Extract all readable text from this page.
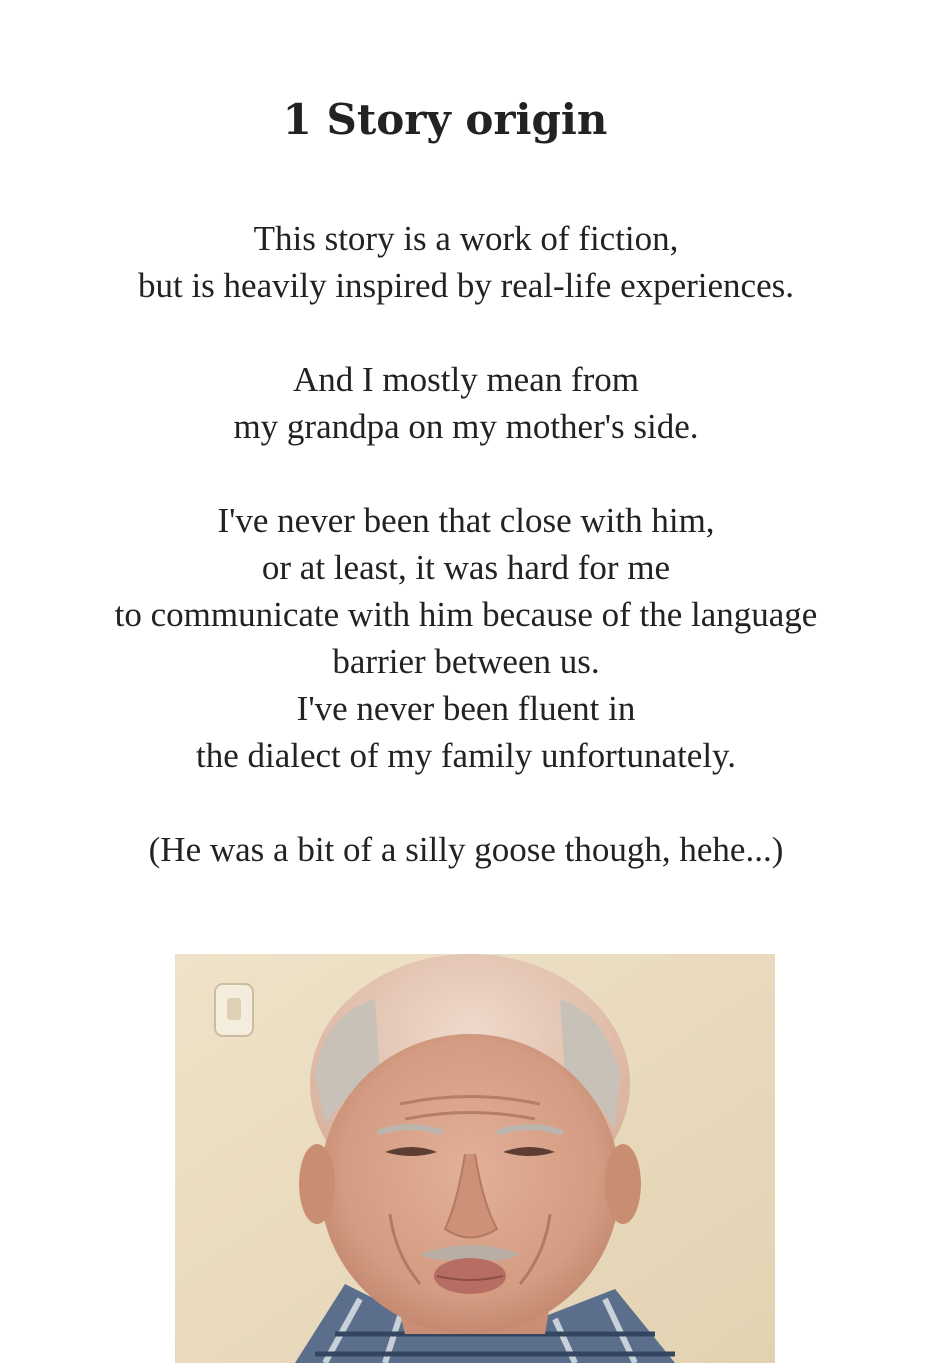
1 Story origin

This story is a work of fiction,
but is heavily inspired by real-life experiences.

And I mostly mean from
my grandpa on my mother's side.

I've never been that close with him,
or at least, it was hard for me
to communicate with him because of the language
barrier between us.
I've never been fluent in
the dialect of my family unfortunately.

(He was a bit of a silly goose though, hehe...)
